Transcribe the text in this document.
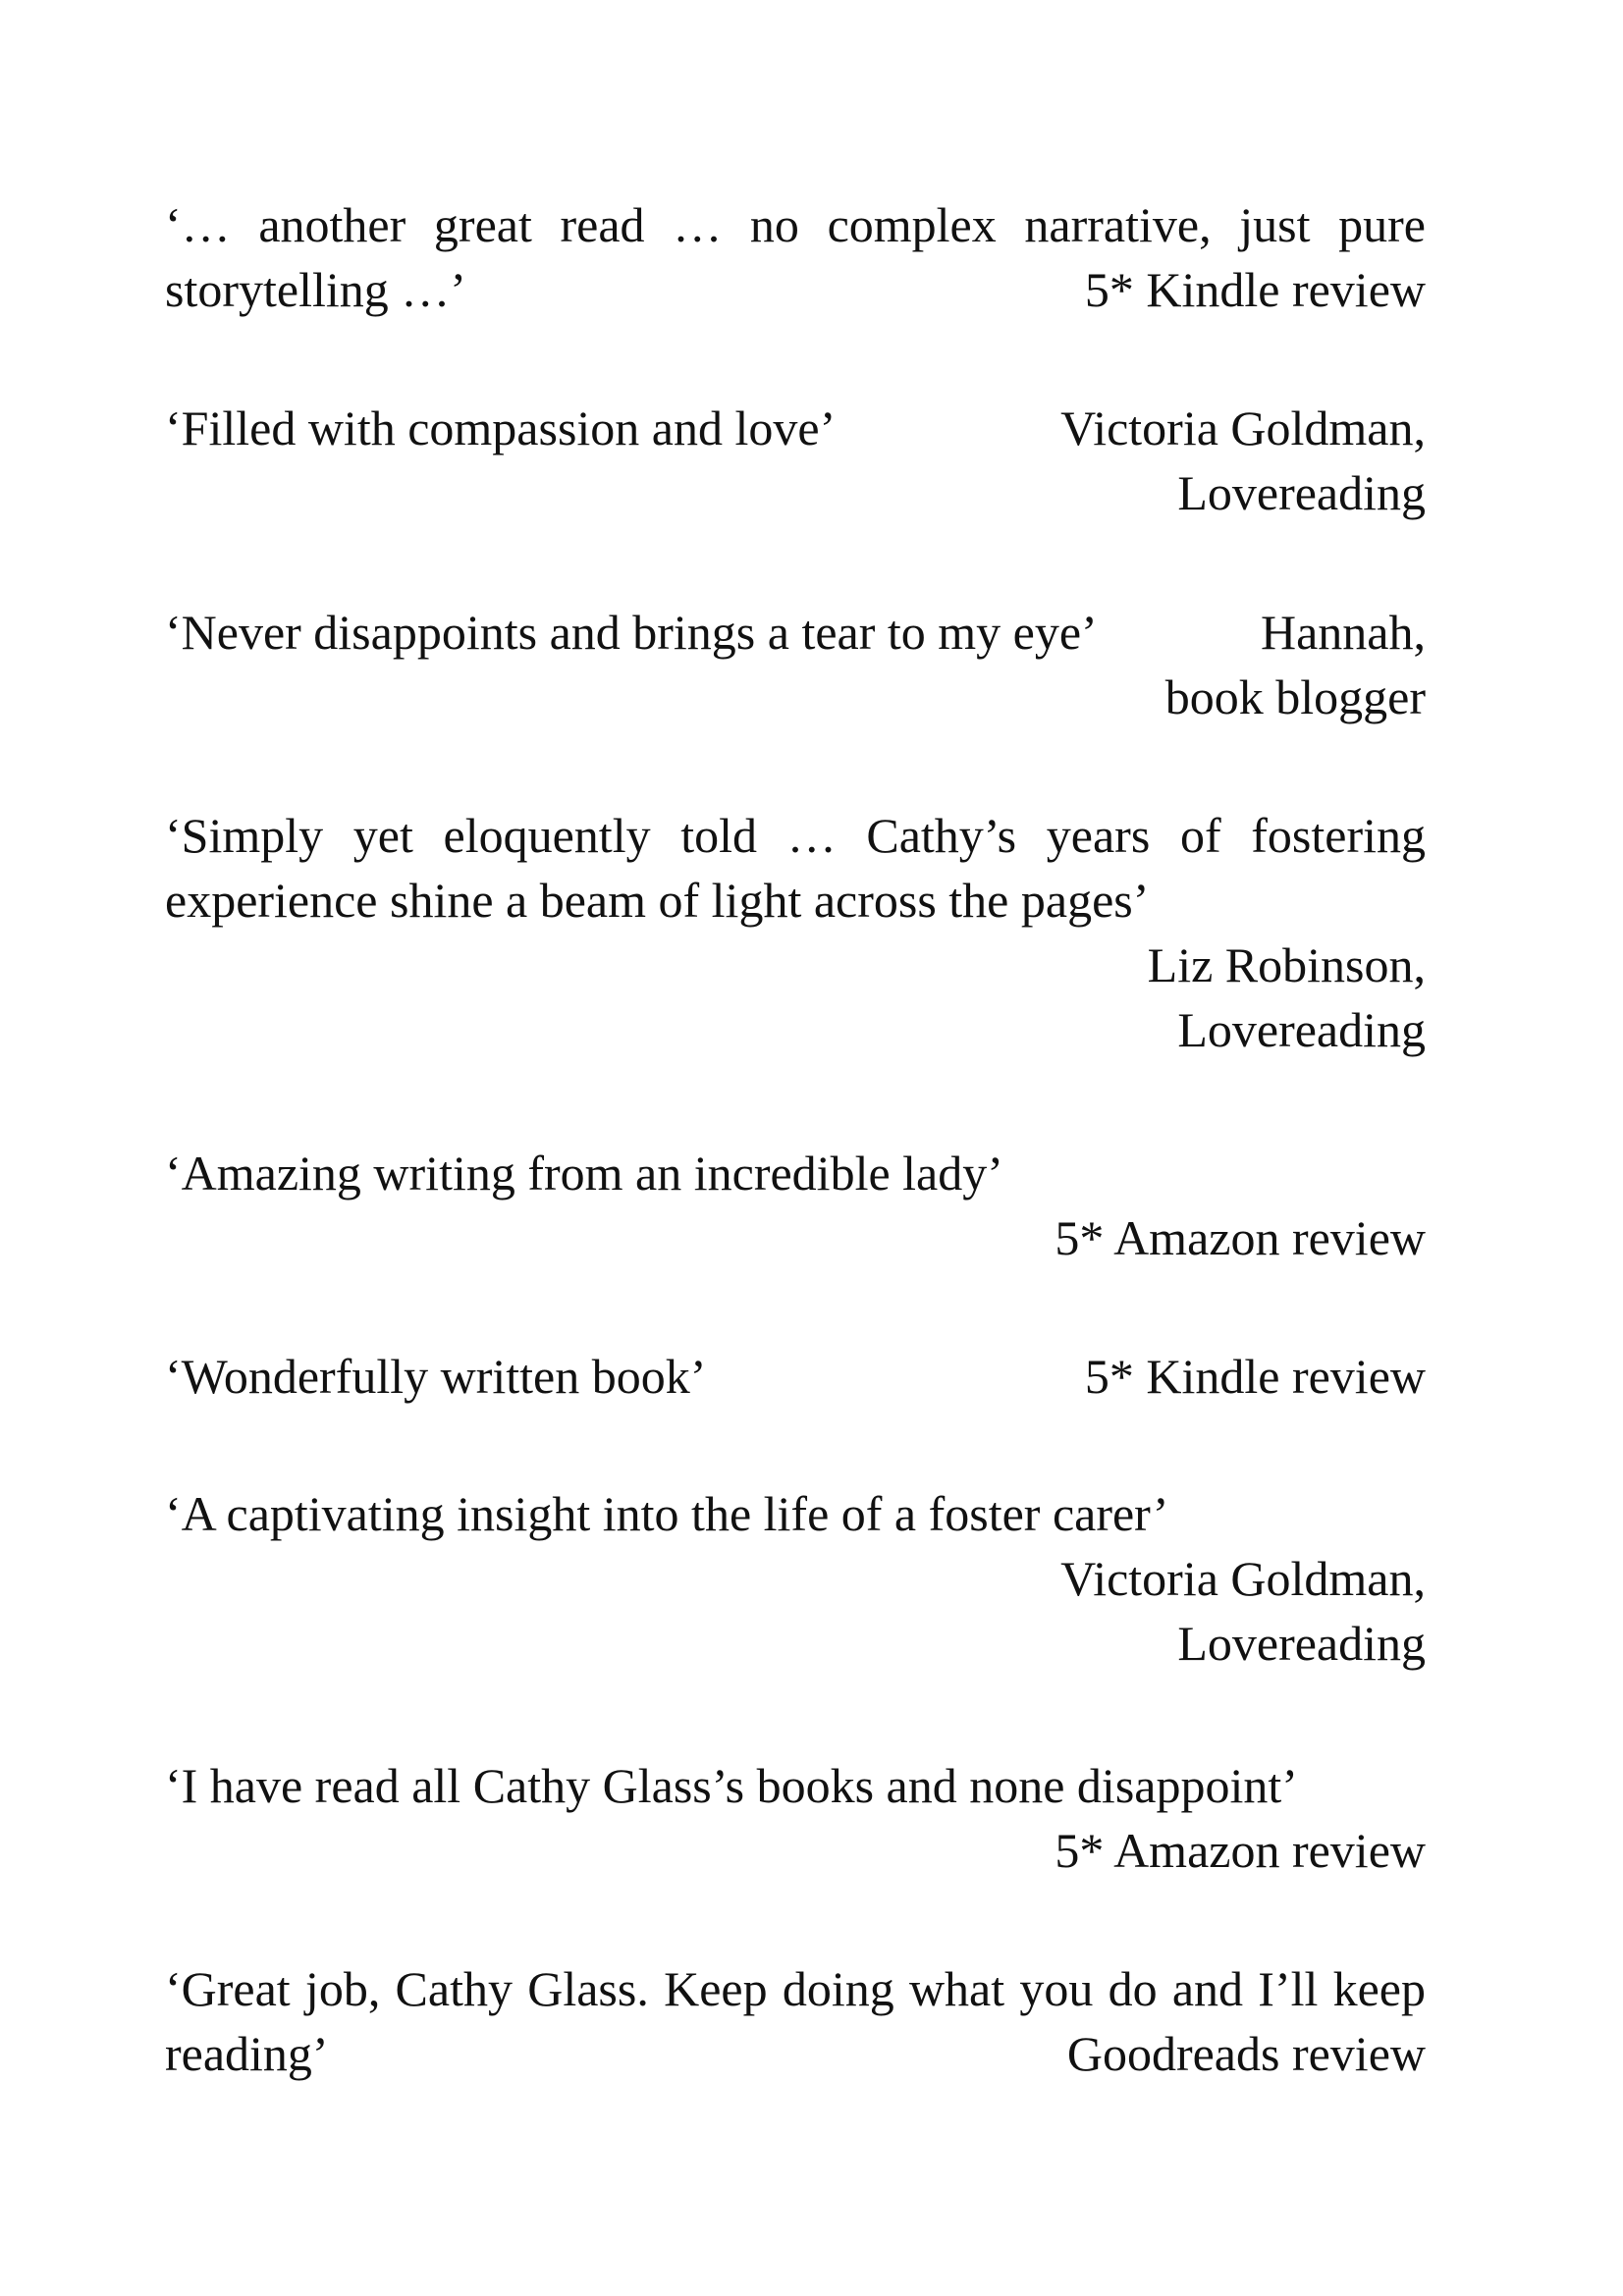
‘… another great read … no complex narrative, just pure
storytelling …’	5* Kindle review
‘Filled with compassion and love’	Victoria Goldman,
Lovereading
‘Never disappoints and brings a tear to my eye’	Hannah,
book blogger
‘Simply yet eloquently told … Cathy’s years of fostering
experience shine a beam of light across the pages’
Liz Robinson,
Lovereading
‘Amazing writing from an incredible lady’
5* Amazon review
‘Wonderfully written book’	5* Kindle review
‘A captivating insight into the life of a foster carer’
Victoria Goldman,
Lovereading
‘I have read all Cathy Glass’s books and none disappoint’
5* Amazon review
‘Great job, Cathy Glass. Keep doing what you do and I’ll keep
reading’	Goodreads review
